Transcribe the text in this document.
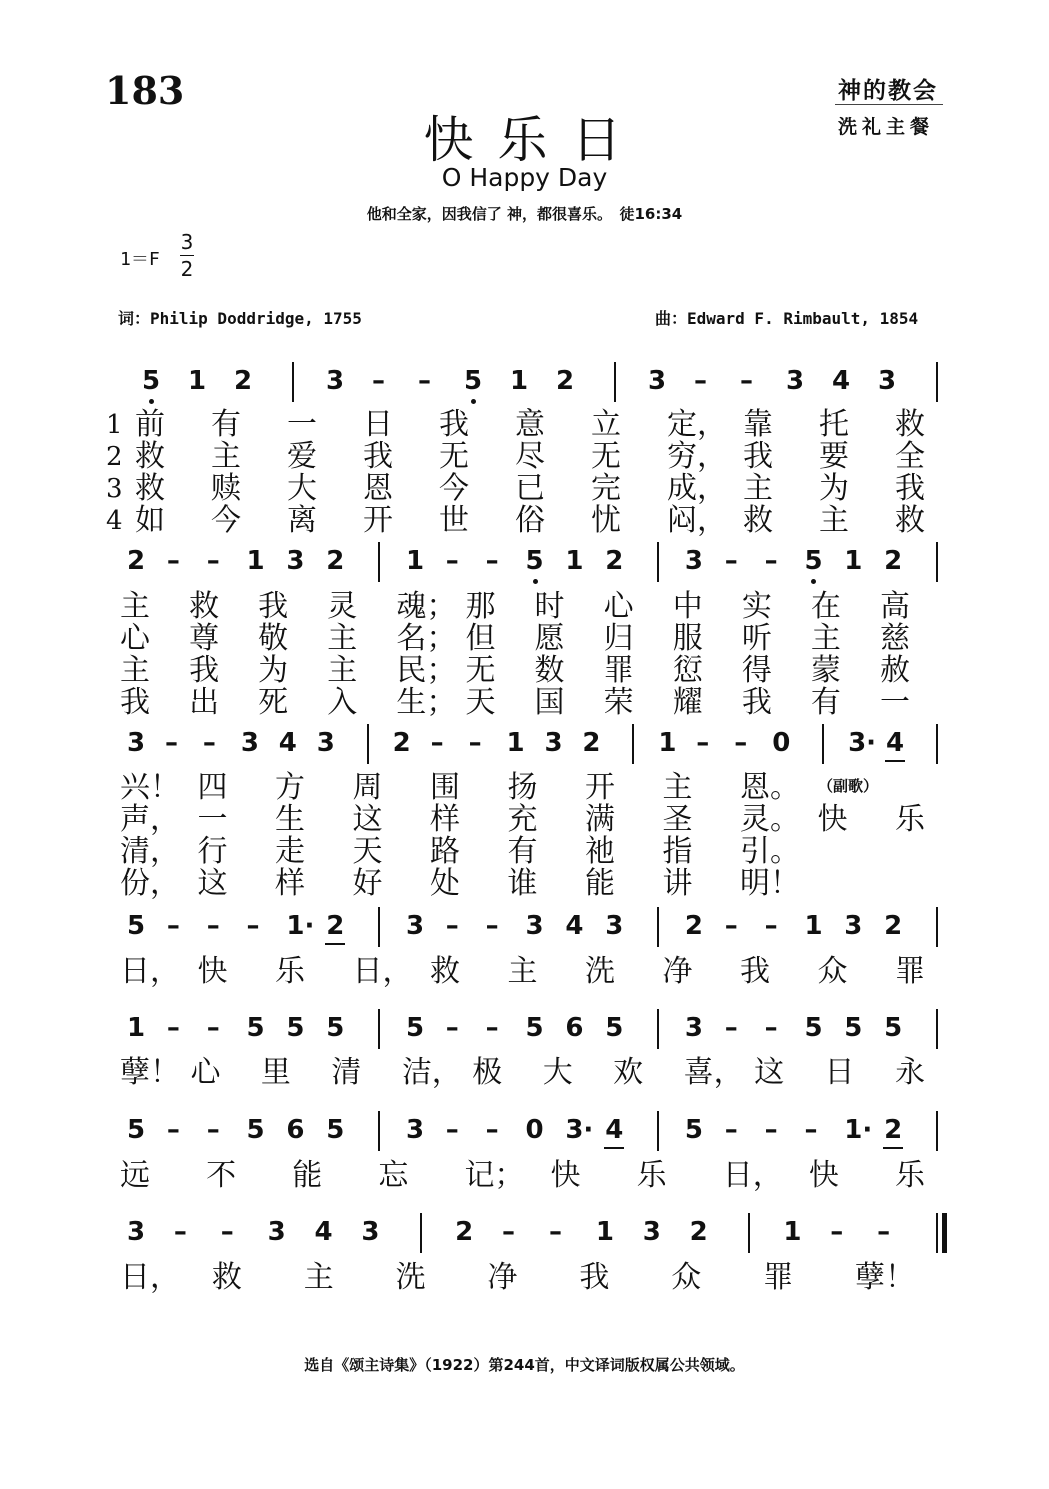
183	神的教会
洗礼主餐
快乐日
O Happy Day
他和全家，因我信了 神，都很喜乐。　徒16:34
1＝F
3
2
词：Philip Doddridge, 1755	曲：Edward F. Rimbault, 1854
5 1 2	3 – – 5 1 2	3 – – 3 4 3
1 前 有 一 日 我 意 立 定， 靠 托 救
2 救 主 爱 我 无 尽 无 穷， 我 要 全
3 救 赎 大 恩 今 已 完 成， 主 为 我
4 如 今 离 开 世 俗 忧 闷， 救 主 救
2 – – 1 3 2 1 – – 5 1 2 3 – – 5 1 2
主 救 我 灵 魂； 那 时 心 中 实 在 高
心 尊 敬 主 名； 但 愿 归 服 听 主 慈
主 我 为 主 民； 无 数 罪 愆 得 蒙 赦
我 出 死 入 生； 天 国 荣 耀 我 有 一
3 – – 3 4 3 2 – – 1 3 2 1 – – 0 3· 4
兴！ 四 方 周 围 扬 开 主 恩。
声， 一 生 这 样 充 满 圣 灵。 快 乐
清， 行 走 天 路 有 祂 指 引。
份， 这 样 好 处 谁 能 讲 明！
5 – – – 1· 2 3 – – 3 4 3 2 – – 1 3 2
日， 快 乐 日， 救 主 洗 净 我 众 罪
1 – – 5 5 5 5 – – 5 6 5 3 – – 5 5 5
孽！ 心 里 清 洁， 极 大 欢 喜， 这 日 永
5 – – 5 6 5 3 – – 0 3· 4 5 – – – 1· 2
远 不 能 忘 记； 快 乐 日， 快 乐
3 – – 3 4 3	2 – – 1 3 2	1 – –
日， 救 主 洗 净 我 众 罪 孽！
（副歌）
选自《颂主诗集》（1922）第244首，中文译词版权属公共领域。
